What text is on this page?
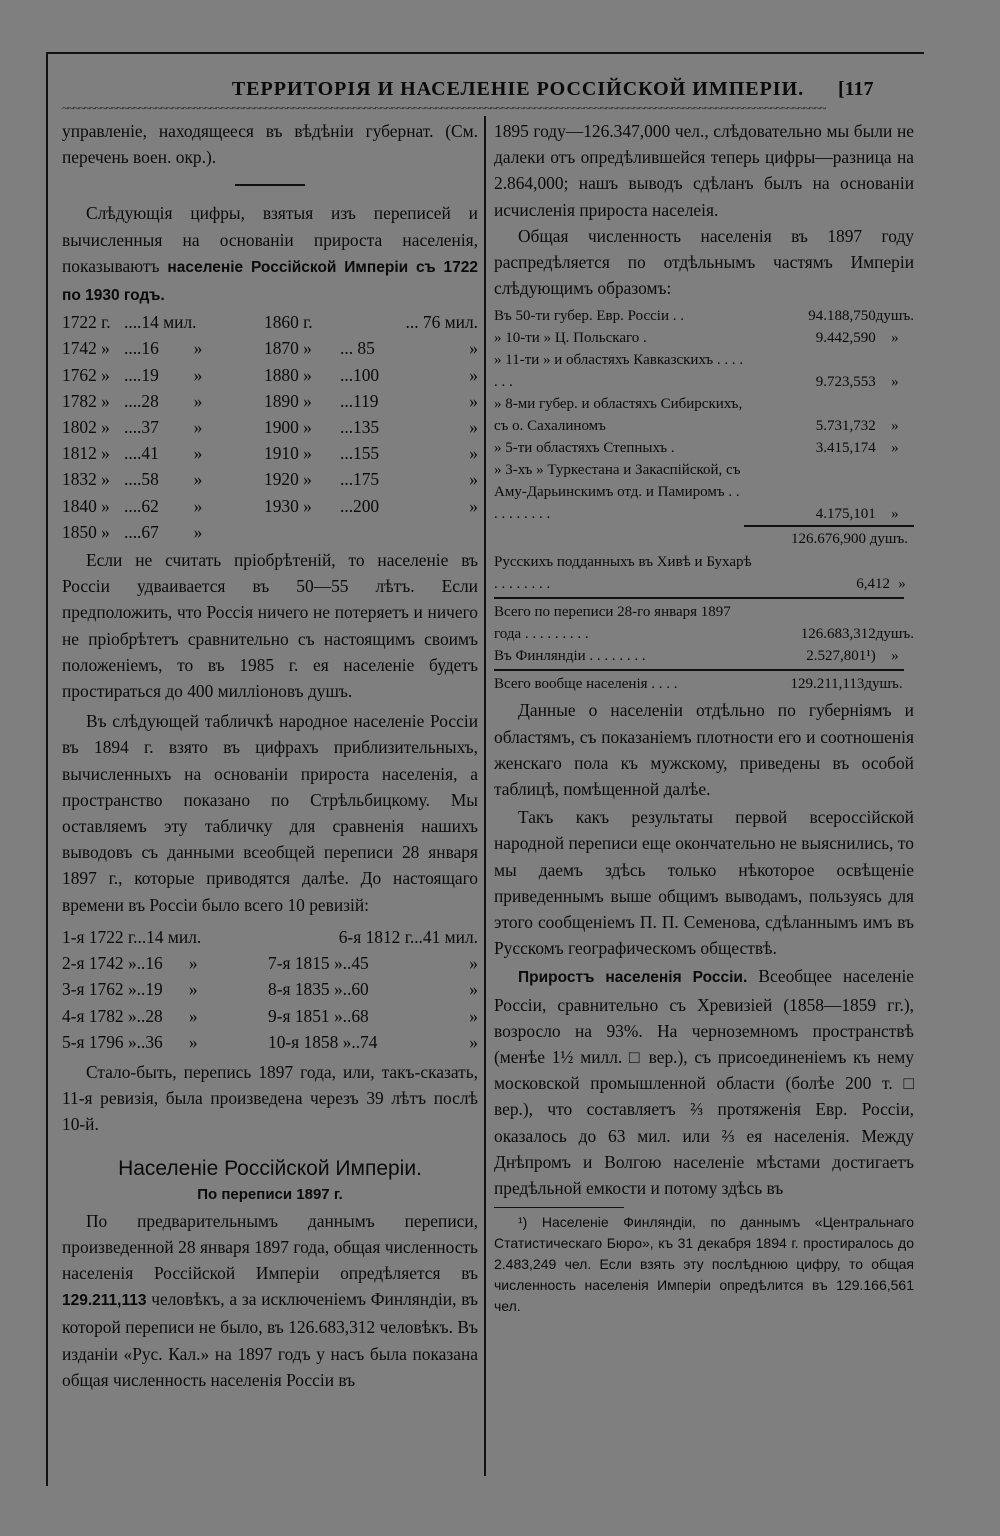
ТЕРРИТОРІЯ И НАСЕЛЕНІЕ РОССІЙСКОЙ ИМПЕРІИ.	[117
~~~~~~~~~~~~~~~~~~~~~~~~~~~~~~~~~~~~~~~~~~~~~~~~~~~~~~~~~~~~~~~~~~~~~~~~~~~~~~~~~~~~~~~~~~~~~~~~~~~~~~~~~~~~~~~~~~~~~~~~~~~~~~~~~~~~~~~~~~~

управленіе, находящееся въ вѣдѣніи губернат. (См. перечень воен. окр.).

Слѣдующія цифры, взятыя изъ переписей и вычисленныя на основаніи прироста населенія, показываютъ населеніе Россійской Имперіи съ 1722 по 1930 годъ.

1722 г.	....14 мил.	1860 г.	... 76 мил.	
1742 »	....16 »	1870 »	... 85	»
1762 »	....19 »	1880 »	...100	»
1782 »	....28 »	1890 »	...119	»
1802 »	....37 »	1900 »	...135	»
1812 »	....41 »	1910 »	...155	»
1832 »	....58 »	1920 »	...175	»
1840 »	....62 »	1930 »	...200	»
1850 »	....67 »			

Если не считать пріобрѣтеній, то населеніе въ Россіи удваивается въ 50—55 лѣтъ. Если предположить, что Россія ничего не потеряетъ и ничего не пріобрѣтетъ сравнительно съ настоящимъ своимъ положеніемъ, то въ 1985 г. ея населеніе будетъ простираться до 400 милліоновъ душъ.

Въ слѣдующей табличкѣ народное населеніе Россіи въ 1894 г. взято въ цифрахъ приблизительныхъ, вычисленныхъ на основаніи прироста населенія, а пространство показано по Стрѣльбицкому. Мы оставляемъ эту табличку для сравненія нашихъ выводовъ съ данными всеобщей переписи 28 января 1897 г., которые приводятся далѣе. До настоящаго времени въ Россіи было всего 10 ревизій:

1-я 1722 г...14 мил.	6-я 1812 г...41 мил.	
2-я 1742 »..16 »	7-я 1815 »..45	»
3-я 1762 »..19 »	8-я 1835 »..60	»
4-я 1782 »..28 »	9-я 1851 »..68	»
5-я 1796 »..36 »	10-я 1858 »..74	»

Стало-быть, перепись 1897 года, или, такъ-сказать, 11-я ревизія, была произведена черезъ 39 лѣтъ послѣ 10-й.

Населеніе Россійской Имперіи.
По переписи 1897 г.

По предварительнымъ даннымъ переписи, произведенной 28 января 1897 года, общая численность населенія Россійской Имперіи опредѣляется въ 129.211,113 человѣкъ, а за исключеніемъ Финляндіи, въ которой переписи не было, въ 126.683,312 человѣкъ. Въ изданіи «Рус. Кал.» на 1897 годъ у насъ была показана общая численность населенія Россіи въ

1895 году—126.347,000 чел., слѣдовательно мы были не далеки отъ опредѣлившейся теперь цифры—разница на 2.864,000; нашъ выводъ сдѣланъ былъ на основаніи исчисленія прироста населеія.

Общая численность населенія въ 1897 году распредѣляется по отдѣльнымъ частямъ Имперіи слѣдующимъ образомъ:

Въ 50-ти губер. Евр. Россіи . .	94.188,750	душъ.
» 10-ти » Ц. Польскаго .	9.442,590	»
» 11-ти » и областяхъ Кавказскихъ . . . . . . .	9.723,553	»
» 8-ми губер. и областяхъ Сибирскихъ, съ о. Сахалиномъ	5.731,732	»
» 5-ти областяхъ Степныхъ .	3.415,174	»
» 3-хъ » Туркестана и Закаспійской, съ Аму-Дарьинскимъ отд. и Памиромъ . . . . . . . . . .	4.175,101	»
126.676,900 душъ.
Русскихъ подданныхъ въ Хивѣ и Бухарѣ . . . . . . . .	6,412	»
Всего по переписи 28-го января 1897 года . . . . . . . . .	126.683,312	душъ.
Въ Финляндіи . . . . . . . .	2.527,801¹)	»
Всего вообще населенія . . . .	129.211,113	душъ.

Данные о населеніи отдѣльно по губерніямъ и областямъ, съ показаніемъ плотности его и соотношенія женскаго пола къ мужскому, приведены въ особой таблицѣ, помѣщенной далѣе.

Такъ какъ результаты первой всероссійской народной переписи еще окончательно не выяснились, то мы даемъ здѣсь только нѣкоторое освѣщеніе приведеннымъ выше общимъ выводамъ, пользуясь для этого сообщеніемъ П. П. Семенова, сдѣланнымъ имъ въ Русскомъ географическомъ обществѣ.

Приростъ населенія Россіи. Всеобщее населеніе Россіи, сравнительно съ Хревизіей (1858—1859 гг.), возросло на 93%. На черноземномъ пространствѣ (менѣе 1½ милл. □ вер.), съ присоединеніемъ къ нему московской промышленной области (болѣе 200 т. □ вер.), что составляетъ ⅔ протяженія Евр. Россіи, оказалось до 63 мил. или ⅔ ея населенія. Между Днѣпромъ и Волгою населеніе мѣстами достигаетъ предѣльной емкости и потому здѣсь въ

¹) Населеніе Финляндіи, по даннымъ «Центральнаго Статистическаго Бюро», къ 31 декабря 1894 г. простиралось до 2.483,249 чел. Если взять эту послѣднюю цифру, то общая численность населенія Имперіи опредѣлится въ 129.166,561 чел.
